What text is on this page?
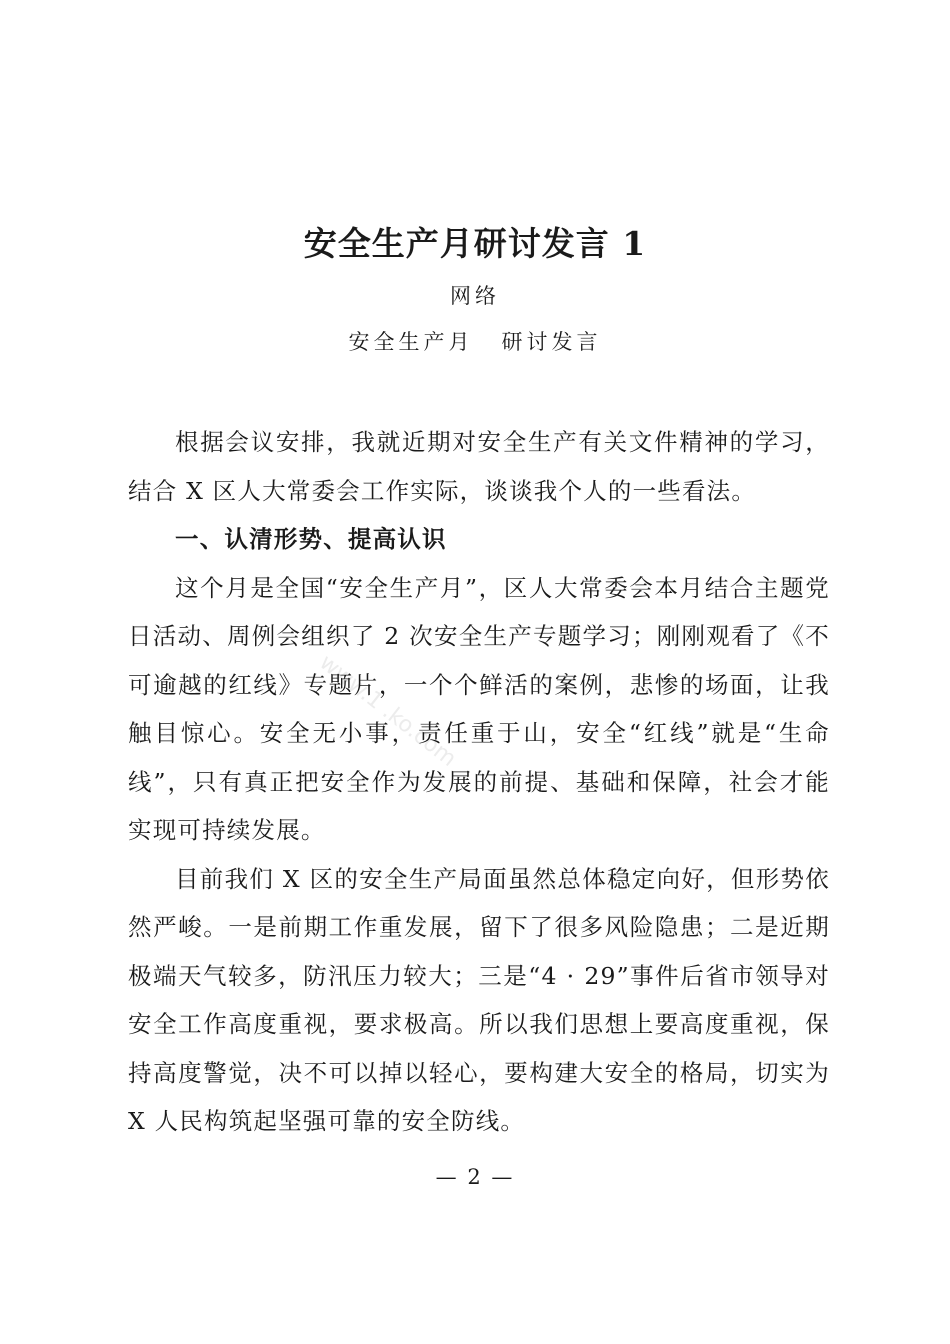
安全生产月研讨发言 1
网络
安全生产月 研讨发言
www.1 .ko.com

根据会议安排，我就近期对安全生产有关文件精神的学习，结合 X 区人大常委会工作实际，谈谈我个人的一些看法。

一、认清形势、提高认识

这个月是全国“安全生产月”，区人大常委会本月结合主题党日活动、周例会组织了 2 次安全生产专题学习；刚刚观看了《不可逾越的红线》专题片，一个个鲜活的案例，悲惨的场面，让我触目惊心。安全无小事，责任重于山，安全“红线”就是“生命线”，只有真正把安全作为发展的前提、基础和保障，社会才能实现可持续发展。

目前我们 X 区的安全生产局面虽然总体稳定向好，但形势依然严峻。一是前期工作重发展，留下了很多风险隐患；二是近期极端天气较多，防汛压力较大；三是“4 · 29”事件后省市领导对安全工作高度重视，要求极高。所以我们思想上要高度重视，保持高度警觉，决不可以掉以轻心，要构建大安全的格局，切实为 X 人民构筑起坚强可靠的安全防线。

— 2 —
